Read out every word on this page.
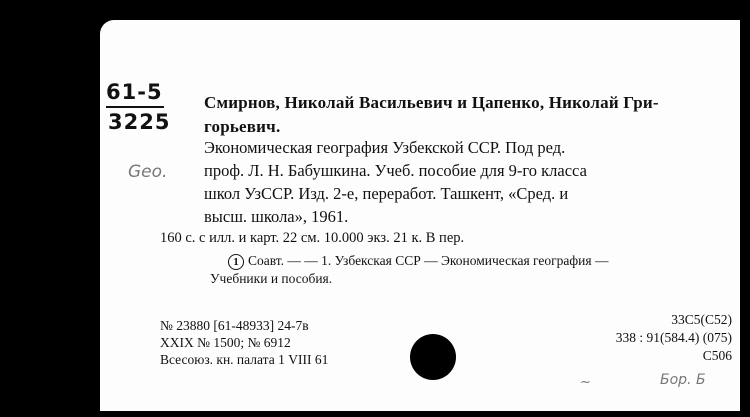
61-5
3225
Geo.
Смирнов, Николай Васильевич и Цапенко, Николай Гри-
горьевич.
Экономическая география Узбекской ССР. Под ред.
проф. Л. Н. Бабушкина. Учеб. пособие для 9-го класса
школ УзССР. Изд. 2-е, переработ. Ташкент, «Сред. и
высш. школа», 1961.
160 с. с илл. и карт. 22 см. 10.000 экз. 21 к. В пер.
1 Соавт. — — 1. Узбекская ССР — Экономическая география —
Учебники и пособия.
№ 23880 [61-48933] 24-7в
XXIX № 1500; № 6912
Всесоюз. кн. палата 1 VIII 61
33С5(С52)
338 : 91(584.4) (075)
С506
Бор. Б
~
